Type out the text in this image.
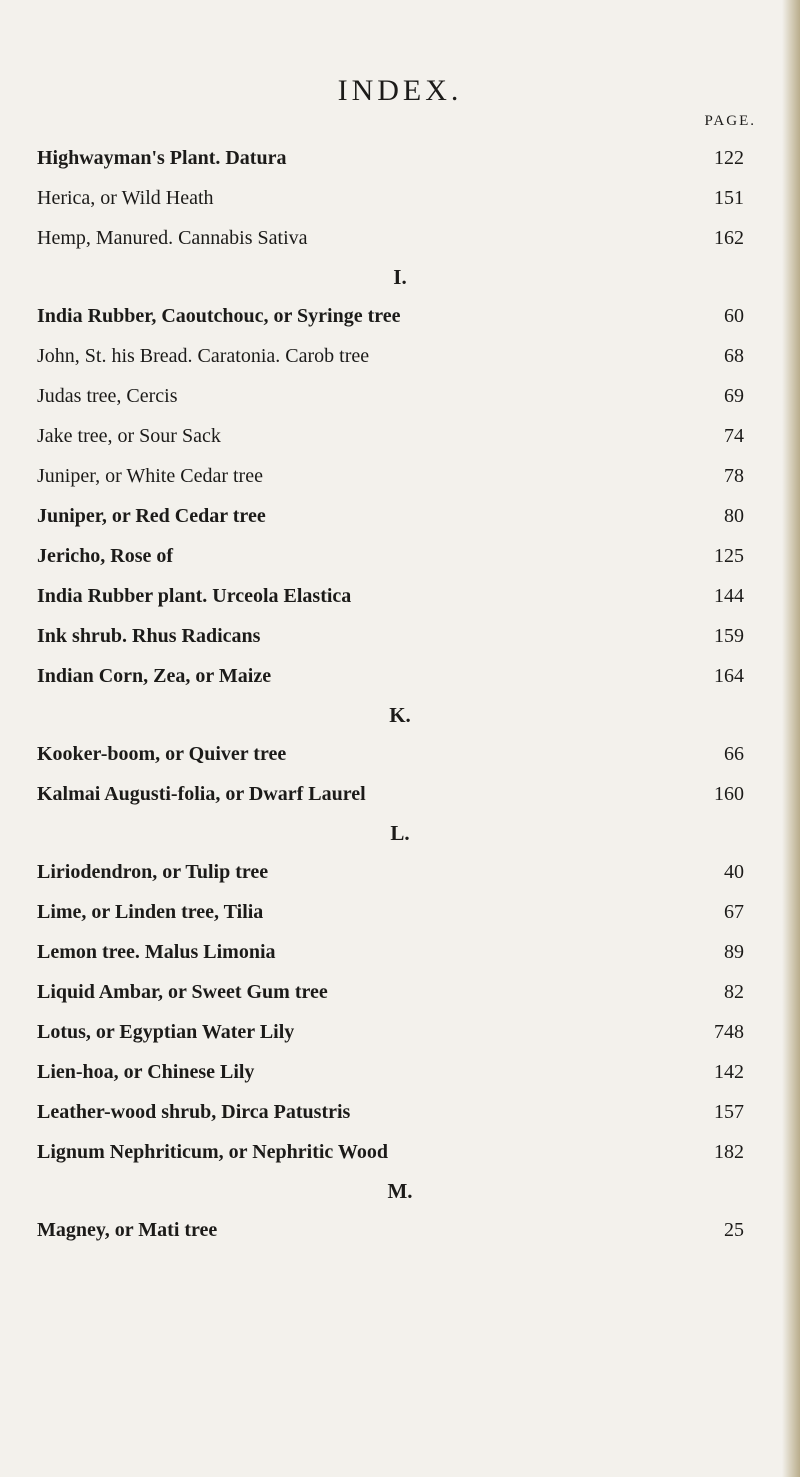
INDEX.
PAGE.
Highwayman's Plant. Datura	122
Herica, or Wild Heath	151
Hemp, Manured. Cannabis Sativa	162
I.
India Rubber, Caoutchouc, or Syringe tree	60
John, St. his Bread. Caratonia. Carob tree	68
Judas tree, Cercis	69
Jake tree, or Sour Sack	74
Juniper, or White Cedar tree	78
Juniper, or Red Cedar tree	80
Jericho, Rose of	125
India Rubber plant. Urceola Elastica	144
Ink shrub. Rhus Radicans	159
Indian Corn, Zea, or Maize	164
K.
Kooker-boom, or Quiver tree	66
Kalmai Augusti-folia, or Dwarf Laurel	160
L.
Liriodendron, or Tulip tree	40
Lime, or Linden tree, Tilia	67
Lemon tree. Malus Limonia	89
Liquid Ambar, or Sweet Gum tree	82
Lotus, or Egyptian Water Lily	748
Lien-hoa, or Chinese Lily	142
Leather-wood shrub, Dirca Patustris	157
Lignum Nephriticum, or Nephritic Wood	182
M.
Magney, or Mati tree	25
